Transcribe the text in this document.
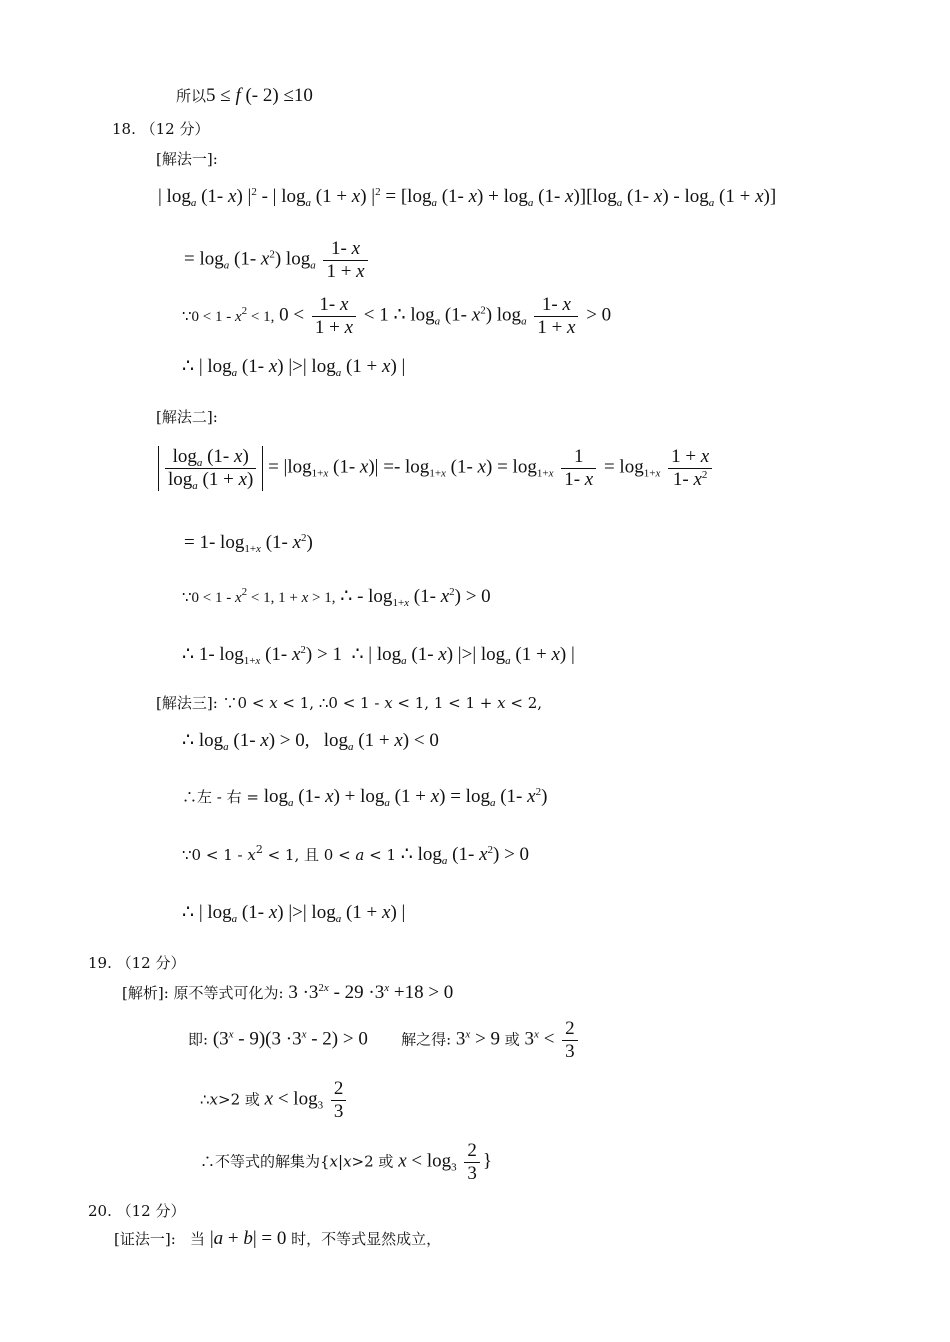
所以5 ≤ f (- 2) ≤10
18. （12 分）
[解法一]:
| $\log_a (1-$ x) $|^2$ - | $\log_a (1 + x) |^2 = [\log_a$ (1- $x) + \log_a (1-$ $x)][\log_a$ (1- $x) - \log_a (1 + x)$]
= $\log_a (1-$ $x^2$) $\log_a \frac{1- x}{1 + x}$
∵0 < $1 - x^2 < 1$, $0 < \frac{1- x}{1 + x} < 1$ ∴ $\log_a (1-$ $x^2$) $\log_a \frac{1- x}{1 + x} > 0$
∴ | $\log_a (1-$ x) |>| $\log_a (1 + x)$ |
[解法二]:
$\frac{\log_a (1- x)}{\log_a (1 + x)} = |\log_{1+x}$ (1- $x)| =- \log_{1+x} (1-$ $x) = \log_{1+x} \frac{1}{1- x} = \log_{1+x} \frac{1 + x}{1- x^2}$
= 1- $\log_{1+x} (1-$ $x^2$)
∵0 < $1 - x^2 < 1$, 1 + x > 1, ∴ - $\log_{1+x} (1-$ $x^2) > 0$
∴ 1- $\log_{1+x} (1-$ $x^2) > 1$  ∴ | $\log_a (1-$ x) |>| $\log_a (1 + x)$ |
[解法三]: ∵0 < x < 1, ∴0 < 1 - x < 1, 1 < 1 + x < 2,
∴ $\log_a (1-$ x) > 0,   $\log_a (1 + x) < 0$
∴左 - 右 = $\log_a (1-$ $x) + \log_a (1 + x) = \log_a (1-$ $x^2$)
∵0 < $1 - x^2 < 1$, 且 0 < a < 1 ∴ $\log_a (1-$ $x^2) > 0$
∴ | $\log_a (1-$ x) |>| $\log_a (1 + x)$ |
19. （12 分）
[解析]: 原不等式可化为: $3 \cdot 3^{2x} - 29 \cdot 3^x +18 > 0$
即: $(3^x - 9)(3 \cdot 3^x - 2) > 0$       解之得: $3^x > 9$ 或 $3^x < \frac{2}{3}$
∴x>2 或 $x < \log_3 \frac{2}{3}$
∴不等式的解集为{x|x>2 或 $x < \log_3 \frac{2}{3}$ }
20. （12 分）
[证法一]:   当 |a + b| = 0 时，不等式显然成立，
